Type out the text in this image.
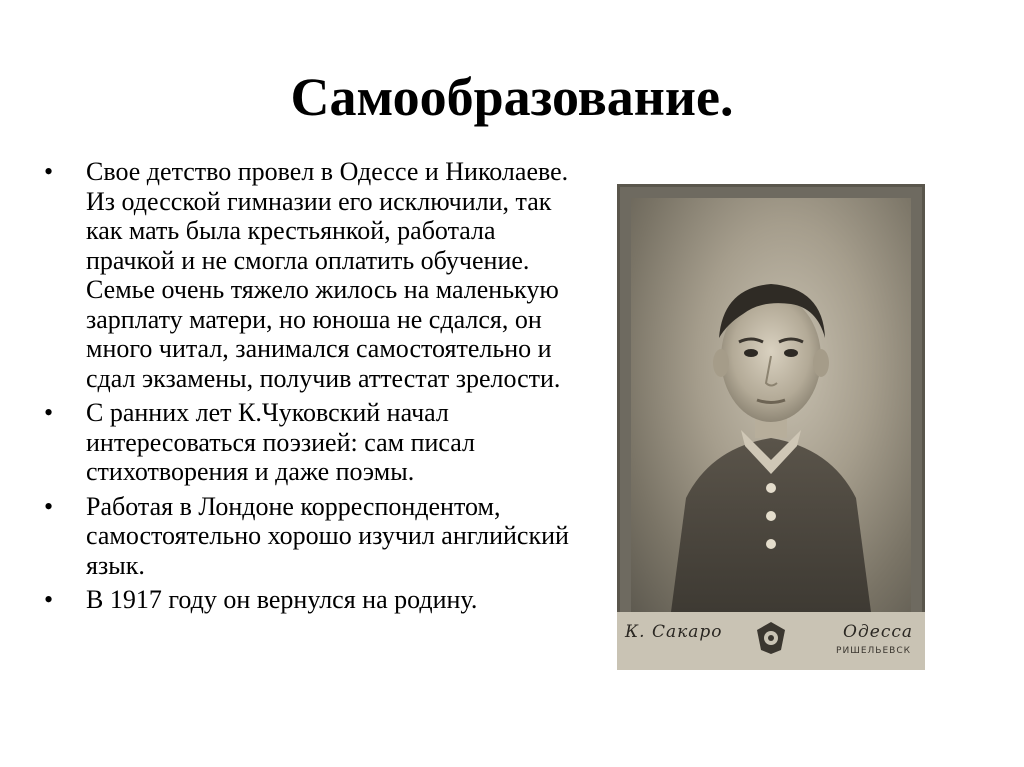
Самообразование.
• Свое детство провел в Одессе и Николаеве. Из одесской гимназии его исключили, так как мать была крестьянкой, работала прачкой и не смогла оплатить обучение. Семье очень тяжело жилось на маленькую зарплату матери, но юноша не сдался, он много читал, занимался самостоятельно и сдал экзамены, получив аттестат зрелости.
• С ранних лет К.Чуковский начал интересоваться поэзией: сам писал стихотворения и даже поэмы.
• Работая в Лондоне корреспондентом, самостоятельно хорошо изучил английский язык.
• В 1917 году он вернулся на родину.
К. Сакаро	Одесса
РИШЕЛЬЕВСК
